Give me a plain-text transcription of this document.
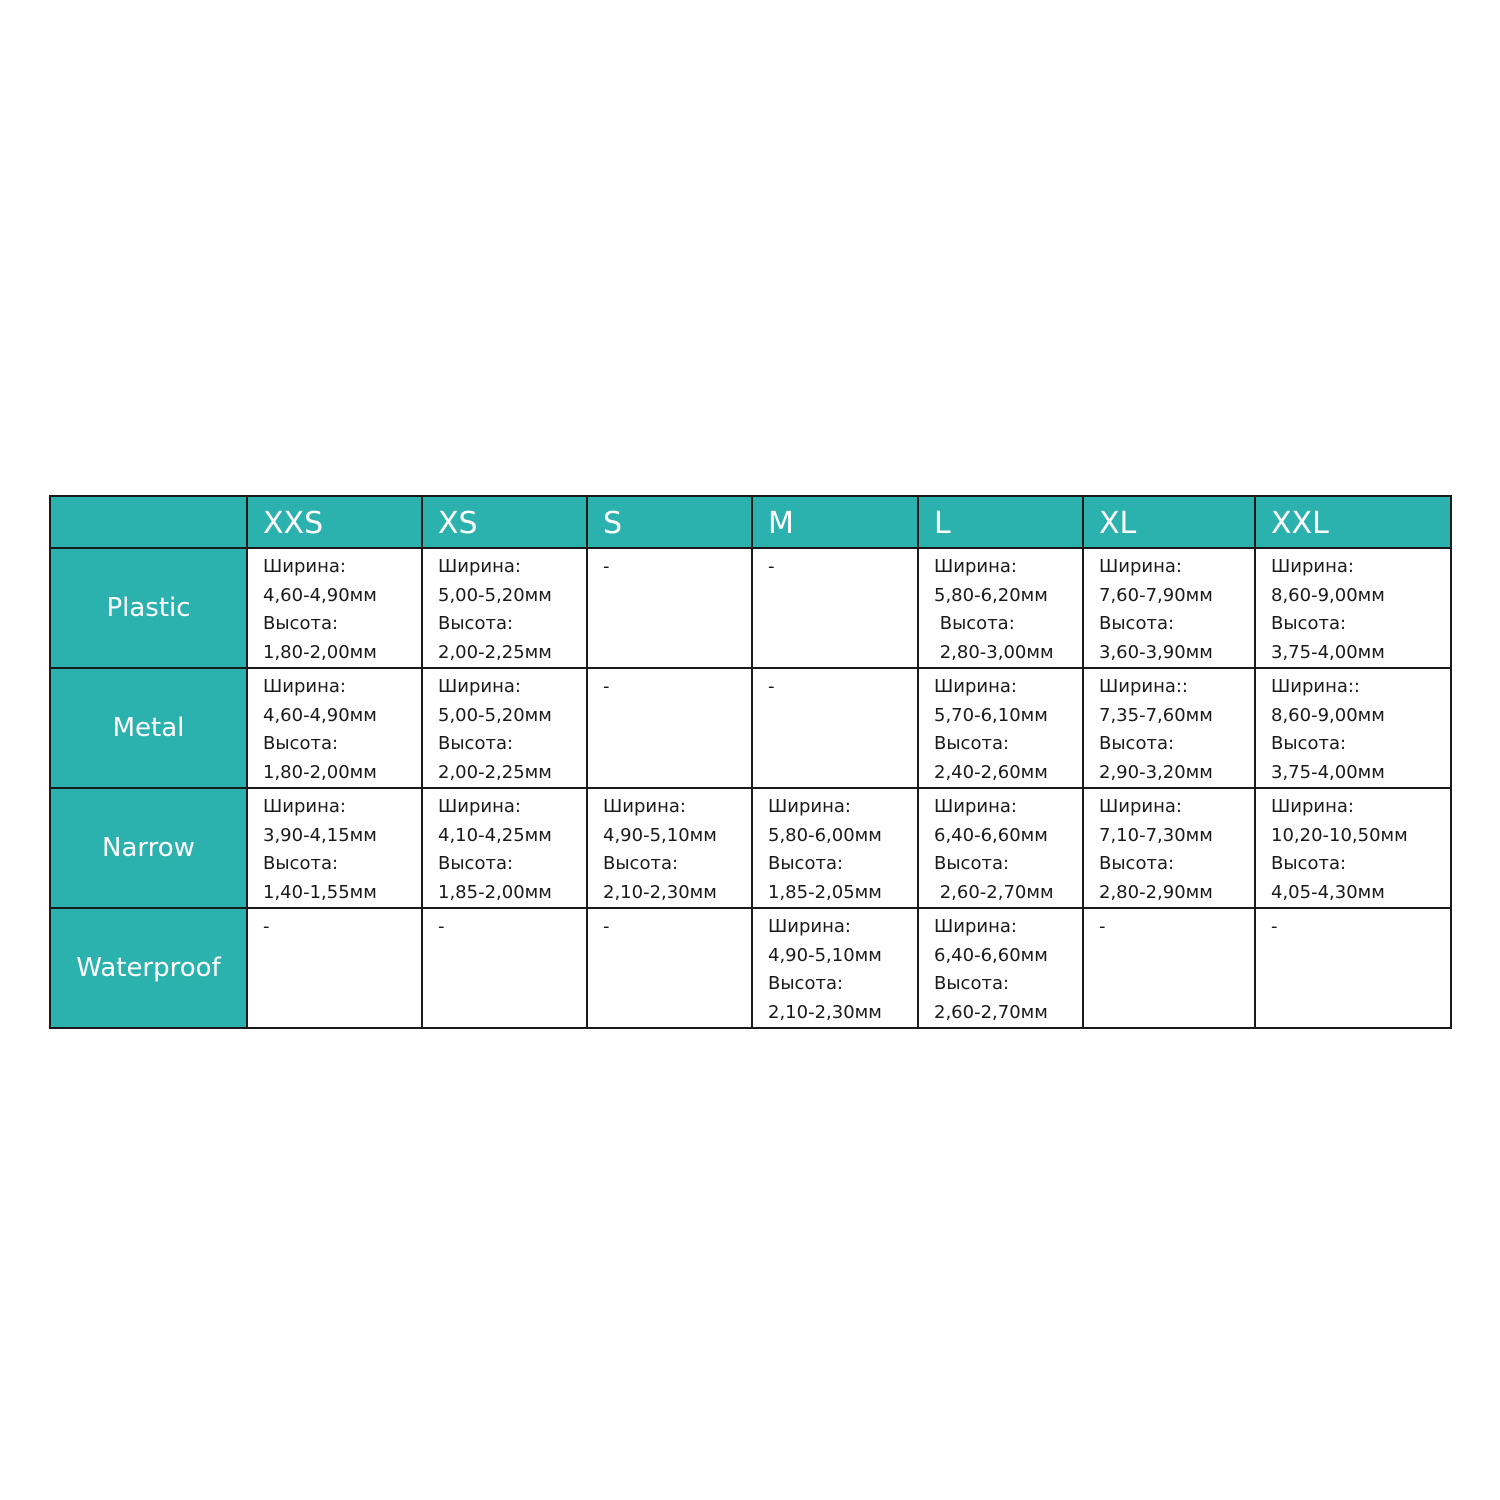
	XXS	XS	S	M	L	XL	XXL
Plastic	Ширина:
4,60-4,90мм
Высота:
1,80-2,00мм	Ширина:
5,00-5,20мм
Высота:
2,00-2,25мм	-	-	Ширина:
5,80-6,20мм
Высота:
2,80-3,00мм	Ширина:
7,60-7,90мм
Высота:
3,60-3,90мм	Ширина:
8,60-9,00мм
Высота:
3,75-4,00мм

Metal	Ширина:
4,60-4,90мм
Высота:
1,80-2,00мм	Ширина:
5,00-5,20мм
Высота:
2,00-2,25мм	-	-	Ширина:
5,70-6,10мм
Высота:
2,40-2,60мм	Ширина::
7,35-7,60мм
Высота:
2,90-3,20мм	Ширина::
8,60-9,00мм
Высота:
3,75-4,00мм

Narrow	Ширина:
3,90-4,15мм
Высота:
1,40-1,55мм	Ширина:
4,10-4,25мм
Высота:
1,85-2,00мм	Ширина:
4,90-5,10мм
Высота:
2,10-2,30мм	Ширина:
5,80-6,00мм
Высота:
1,85-2,05мм	Ширина:
6,40-6,60мм
Высота:
2,60-2,70мм	Ширина:
7,10-7,30мм
Высота:
2,80-2,90мм	Ширина:
10,20-10,50мм
Высота:
4,05-4,30мм

Waterproof	-	-	-	Ширина:
4,90-5,10мм
Высота:
2,10-2,30мм	Ширина:
6,40-6,60мм
Высота:
2,60-2,70мм	-	-
